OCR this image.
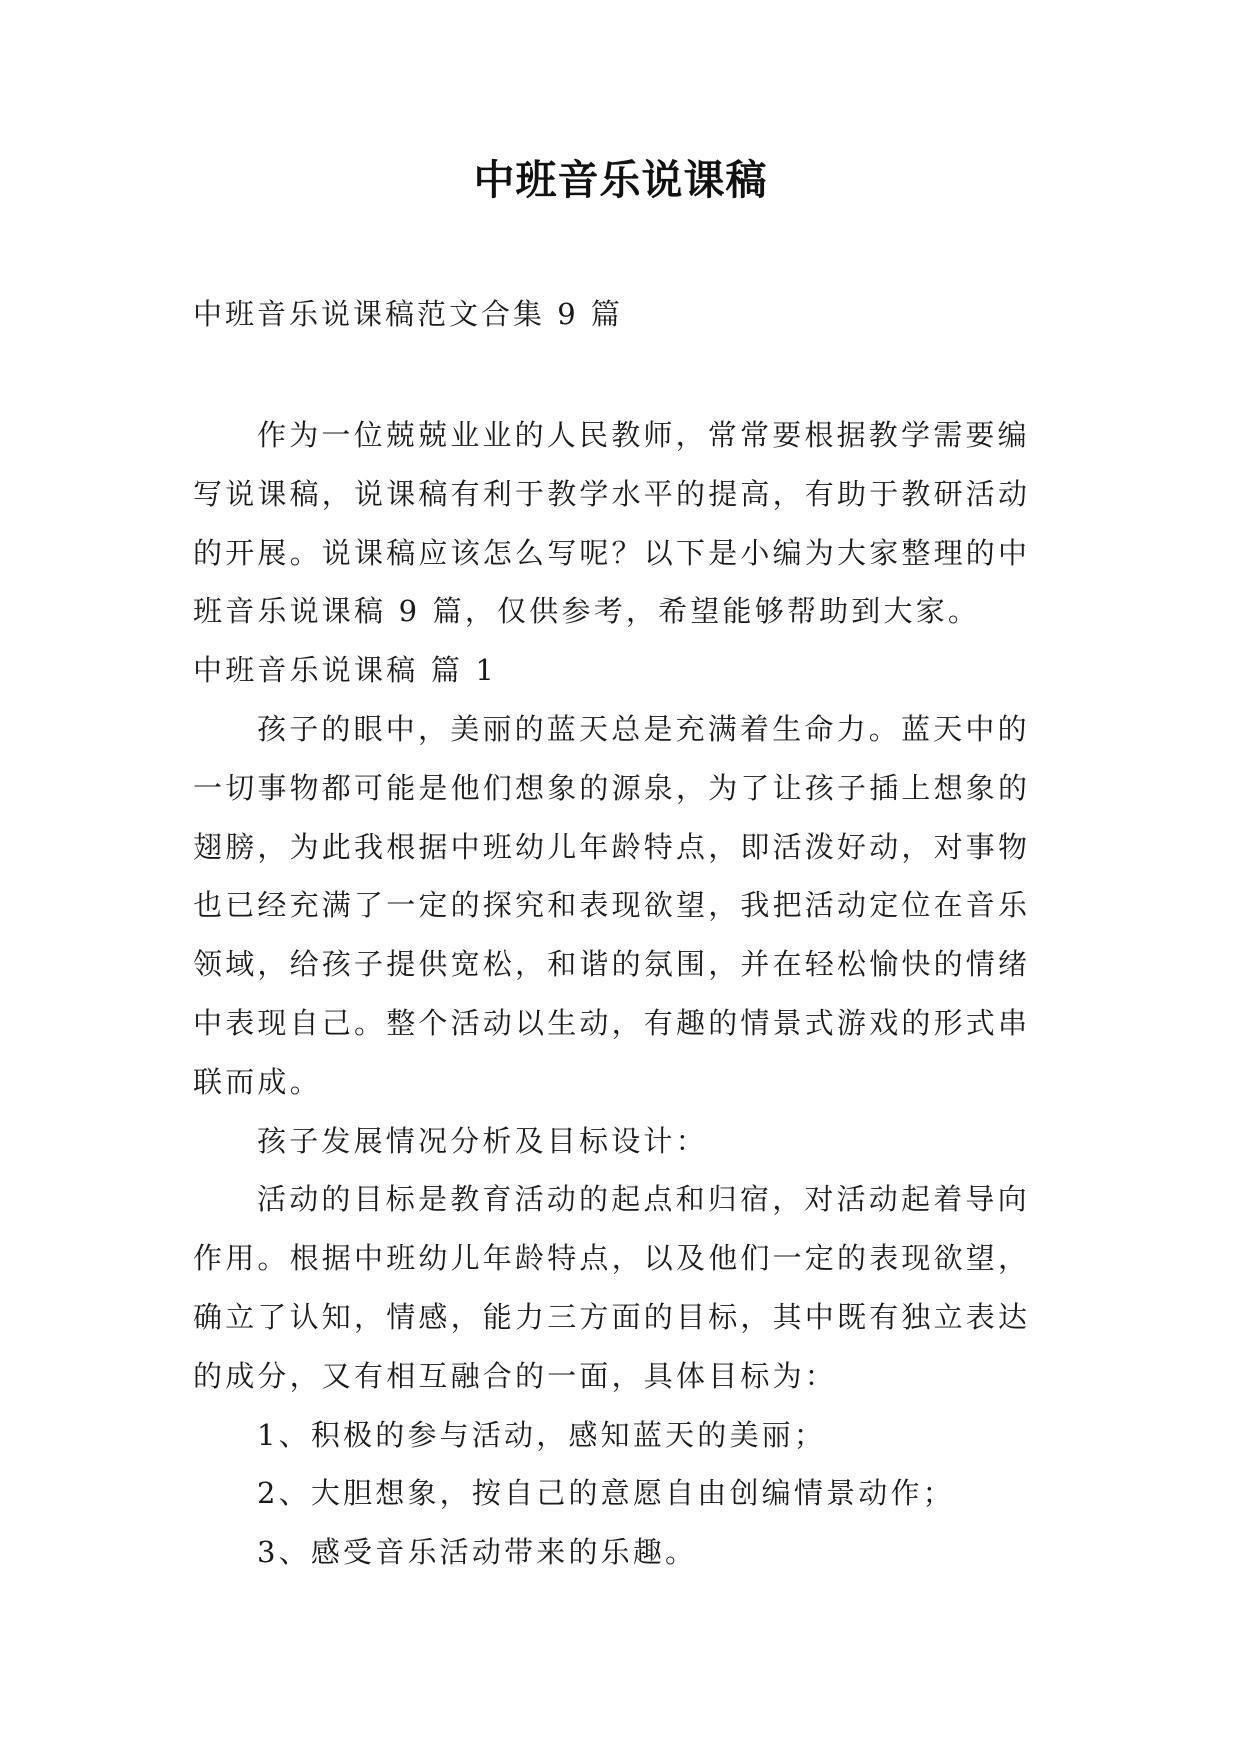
中班音乐说课稿
中班音乐说课稿范文合集 9 篇

作为一位兢兢业业的人民教师，常常要根据教学需要编
写说课稿，说课稿有利于教学水平的提高，有助于教研活动
的开展。说课稿应该怎么写呢？以下是小编为大家整理的中
班音乐说课稿 9 篇，仅供参考，希望能够帮助到大家。

中班音乐说课稿 篇 1

孩子的眼中，美丽的蓝天总是充满着生命力。蓝天中的
一切事物都可能是他们想象的源泉，为了让孩子插上想象的
翅膀，为此我根据中班幼儿年龄特点，即活泼好动，对事物
也已经充满了一定的探究和表现欲望，我把活动定位在音乐
领域，给孩子提供宽松，和谐的氛围，并在轻松愉快的情绪
中表现自己。整个活动以生动，有趣的情景式游戏的形式串
联而成。

孩子发展情况分析及目标设计：

活动的目标是教育活动的起点和归宿，对活动起着导向
作用。根据中班幼儿年龄特点，以及他们一定的表现欲望，
确立了认知，情感，能力三方面的目标，其中既有独立表达
的成分，又有相互融合的一面，具体目标为：

1、积极的参与活动，感知蓝天的美丽；

2、大胆想象，按自己的意愿自由创编情景动作；

3、感受音乐活动带来的乐趣。
